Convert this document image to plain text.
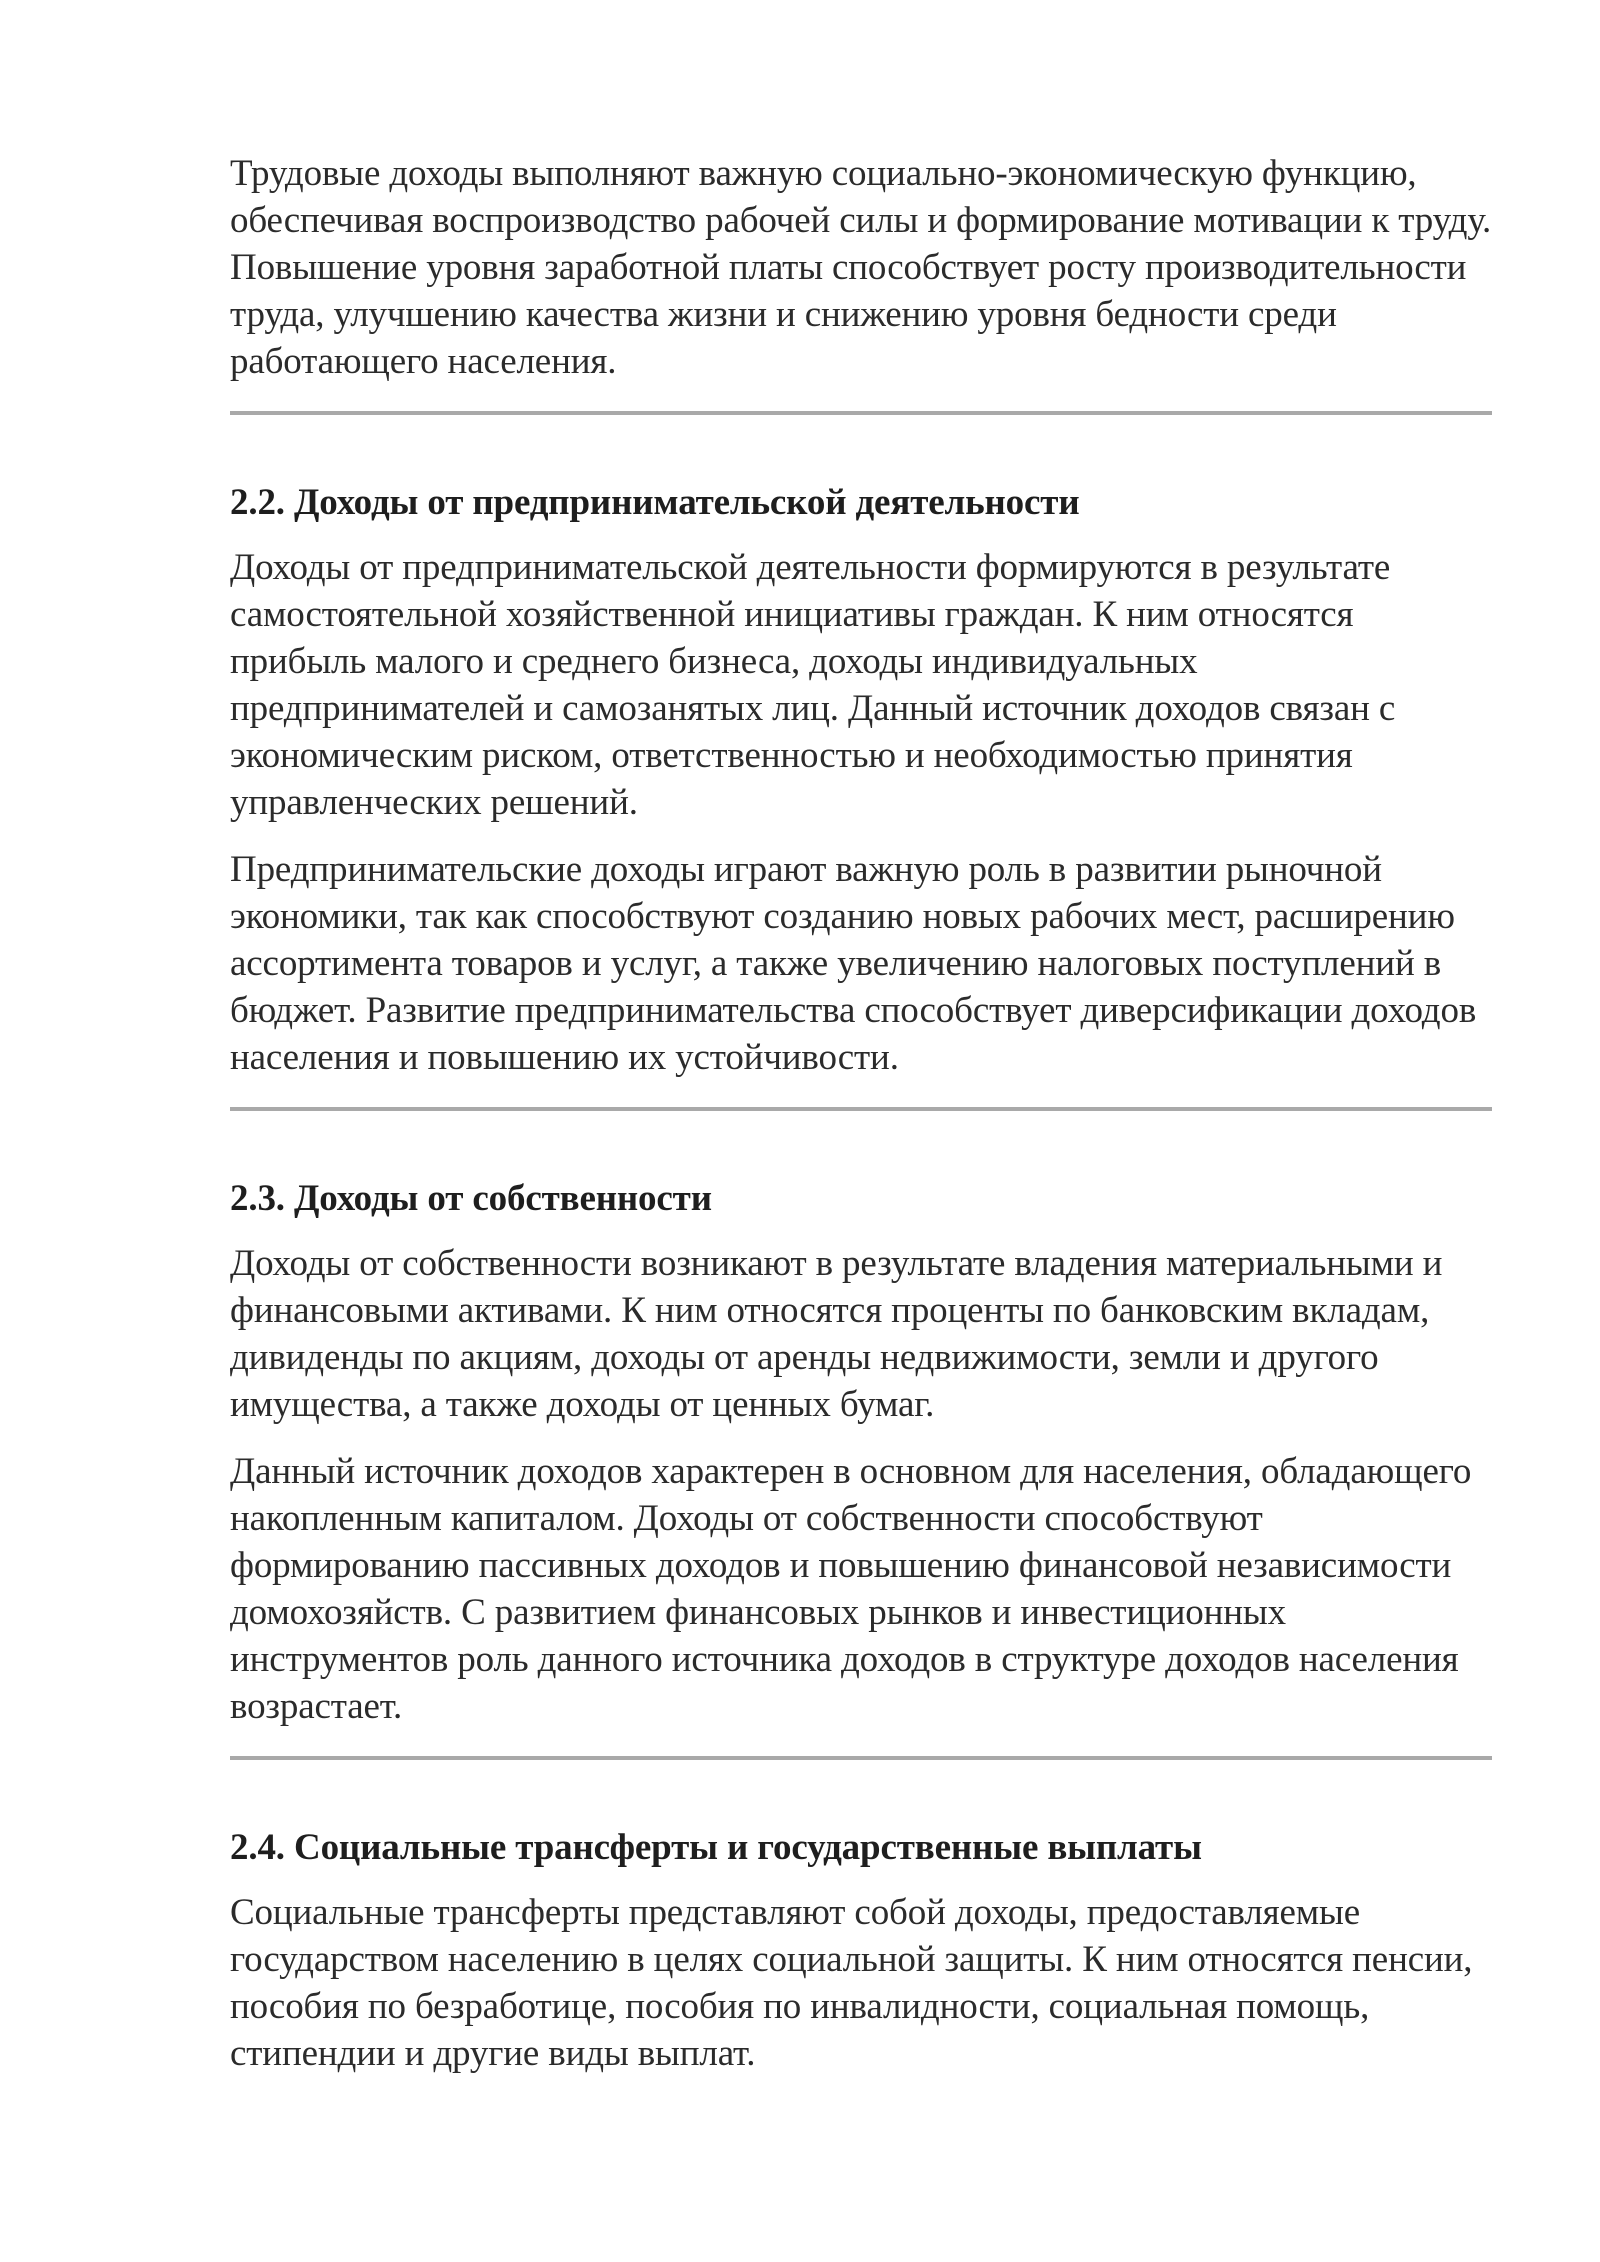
Трудовые доходы выполняют важную социально-экономическую функцию, обеспечивая воспроизводство рабочей силы и формирование мотивации к труду. Повышение уровня заработной платы способствует росту производительности труда, улучшению качества жизни и снижению уровня бедности среди работающего населения.

2.2. Доходы от предпринимательской деятельности

Доходы от предпринимательской деятельности формируются в результате самостоятельной хозяйственной инициативы граждан. К ним относятся прибыль малого и среднего бизнеса, доходы индивидуальных предпринимателей и самозанятых лиц. Данный источник доходов связан с экономическим риском, ответственностью и необходимостью принятия управленческих решений.

Предпринимательские доходы играют важную роль в развитии рыночной экономики, так как способствуют созданию новых рабочих мест, расширению ассортимента товаров и услуг, а также увеличению налоговых поступлений в бюджет. Развитие предпринимательства способствует диверсификации доходов населения и повышению их устойчивости.

2.3. Доходы от собственности

Доходы от собственности возникают в результате владения материальными и финансовыми активами. К ним относятся проценты по банковским вкладам, дивиденды по акциям, доходы от аренды недвижимости, земли и другого имущества, а также доходы от ценных бумаг.

Данный источник доходов характерен в основном для населения, обладающего накопленным капиталом. Доходы от собственности способствуют формированию пассивных доходов и повышению финансовой независимости домохозяйств. С развитием финансовых рынков и инвестиционных инструментов роль данного источника доходов в структуре доходов населения возрастает.

2.4. Социальные трансферты и государственные выплаты

Социальные трансферты представляют собой доходы, предоставляемые государством населению в целях социальной защиты. К ним относятся пенсии, пособия по безработице, пособия по инвалидности, социальная помощь, стипендии и другие виды выплат.
